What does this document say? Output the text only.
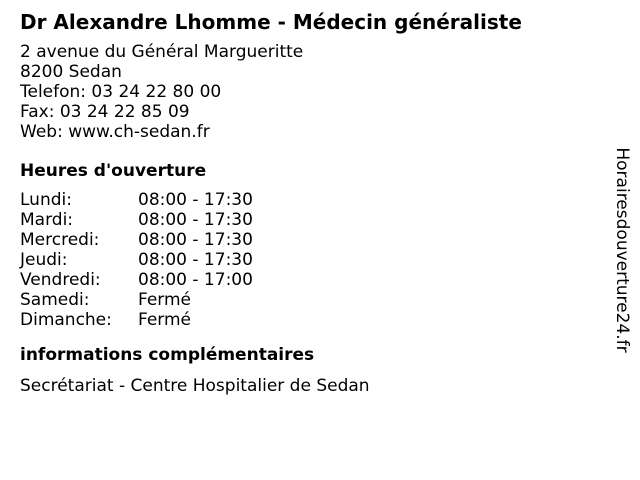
Dr Alexandre Lhomme - Médecin généraliste
2 avenue du Général Margueritte
8200 Sedan
Telefon: 03 24 22 80 00
Fax: 03 24 22 85 09
Web: www.ch-sedan.fr
Heures d'ouverture
Lundi:	08:00 - 17:30
Mardi:	08:00 - 17:30
Mercredi: 08:00 - 17:30
Jeudi:	08:00 - 17:30
Vendredi: 08:00 - 17:00
Samedi:	Fermé
Dimanche: Fermé
informations complémentaires
Secrétariat - Centre Hospitalier de Sedan
Horairesdouverture24.fr
